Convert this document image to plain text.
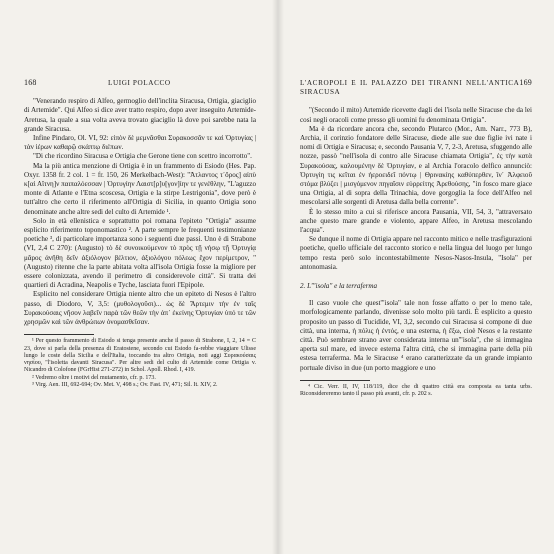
168	LUIGI POLACCO

"Venerando respiro di Alfeo, germoglio dell'inclita Siracusa, Ortigia, giaciglio di Artemide". Qui Alfeo si dice aver tratto respiro, dopo aver inseguito Artemide-Aretusa, la quale a sua volta aveva trovato giaciglio là dove poi sarebbe nata la grande Siracusa.

Infine Pindaro, Ol. VI, 92: εἰπὸν δὲ μεμνᾶσθαι Συρακοσσᾶν τε καὶ Ὀρτυγίας | τὰν ἱέρων καθαρῷ σκάπτῳ διέπων.

"Di che ricordino Siracusa e Ortigia che Gerone tiene con scettro incorrotto".

Ma la più antica menzione di Ortigia è in un frammento di Esiodo (Hes. Pap. Oxyr. 1358 fr. 2 col. 1 = fr. 150, 26 Merkelbach-West): "Ἀτλαντος τ᾽ὄρος] αἰπὺ κ[αὶ Αἴτνη]ν παιπαλόεσσαν | Ὀρτυγίην Λαιστ[ρ]υ[γον]ίην τε γενέθλην, "L'aguzzo monte di Atlante e l'Etna scoscesa, Ortigia e la stirpe Lestrigonia", dove però è tutt'altro che certo il riferimento all'Ortigia di Sicilia, in quanto Ortigia sono denominate anche altre sedi del culto di Artemide ¹.

Solo in età ellenistica e soprattutto poi romana l'epiteto "Ortigia" assume esplicito riferimento toponomastico ². A parte sempre le frequenti testimonianze poetiche ³, di particolare importanza sono i seguenti due passi. Uno è di Strabone (VI, 2,4 C 270): (Augusto) τὸ δὲ συνοικούμενον τὸ πρὸς τῇ νήσῳ τῇ Ὀρτυγίᾳ μᾶρος ἀνῆθη δεῖν ἀξιόλογον βέλτιον, ἀξιολόγου πόλεως ἔχον περίμετρον, "(Augusto) ritenne che la parte abitata volta all'isola Ortigia fosse la migliore per essere colonizzata, avendo il perimetro di considerevole città". Si tratta dei quartieri di Acradina, Neapolis e Tyche, lasciata fuori l'Epipole.

Esplicito nel considerare Ortigia niente altro che un epiteto di Nesos è l'altro passo, di Diodoro, V, 3,5: (μυθολογοῦσι)... ὡς δὲ Ἄρτεμιν τὴν ἐν ταῖς Συρακούσαις νῆσον λαβεῖν παρὰ τῶν θεῶν τὴν ἀπ᾽ ἐκείνης Ὀρτυγίαν ὑπό τε τῶν χρησμῶν καὶ τῶν ἀνθρώπων ὀνομασθεῖσαν.

¹ Per questo frammento di Esiodo si tenga presente anche il passo di Strabone, I, 2, 14 = C 23, dove si parla della presenza di Eratostene, secondo cui Esiodo fa-rebbe viaggiare Ulisse lungo le coste della Sicilia e dell'Italia, toccando tra altro Ortigia, noti aggi Συρακούσαις νησίου, "l'isoletta davanti Siracusa". Per altre sedi del culto di Artemide come Ortigia v. Nicandro di Colofone (FGrHist 271-272) in Schol. Apoll. Rhod. I, 419.

² Vedremo oltre i motivi del mutamento, cfr. p. 173.

³ Virg. Aen. III, 692-694; Ov. Met. V, 498 s.; Ov. Fast. IV, 471; Sil. It. XIV, 2.

L'ACROPOLI E IL PALAZZO DEI TIRANNI NELL'ANTICA SIRACUSA
169

"(Secondo il mito) Artemide ricevette dagli dei l'isola nelle Siracuse che da lei così negli oracoli come presso gli uomini fu denominata Ortigia".

Ma è da ricordare ancora che, secondo Plutarco (Mor., Am. Narr., 773 B), Archia, il corinzio fondatore delle Siracuse, diede alle sue due figlie ivi nate i nomi di Ortigia e Siracusa; e, secondo Pausania V, 7, 2-3, Aretusa, sfuggendo alle nozze, passò "nell'isola di contro alle Siracuse chiamata Ortigia", ἐς τὴν κατὰ Συρακούσας, καλουμένην δὲ Ὀρτυγίαν, e al Archia l'oracolo delfico annunciò: Ὀρτυγίη τις κεῖται ἐν ἠεροειδεῖ πόντῳ | Θρινακίης καθύπερθεν, ἵν᾽ Ἀλφειοῦ στόμα βλύζει | μισγόμενον πηγαῖσιν εὐρρείτης Ἀρεθούσης, "in fosco mare giace una Ortigia, al di sopra della Trinachia, dove gorgoglia la foce dell'Alfeo nel mescolarsi alle sorgenti di Aretusa dalla bella corrente".

È lo stesso mito a cui si riferisce ancora Pausania, VII, 54, 3, "attraversato anche questo mare grande e violento, appare Alfeo, in Aretusa mescolando l'acqua".

Se dunque il nome di Ortigia appare nel racconto mitico e nelle trasfigurazioni poetiche, quello ufficiale del racconto storico e nella lingua del luogo per lungo tempo resta però solo incontestabilmente Nesos-Nasos-Insula, "Isola" per antonomasia.

2. L'"isola" e la terraferma

Il caso vuole che quest'"isola" tale non fosse affatto o per lo meno tale, morfologicamente parlando, divenisse solo molto più tardi. È esplicito a questo proposito un passo di Tucidide, VI, 3,2, secondo cui Siracusa si compone di due città, una interna, ἡ πόλις ἡ ἐντός, e una esterna, ἡ ἔξω, cioè Nesos e la restante città. Può sembrare strano aver considerata interna un'"isola", che si immagina aperta sul mare, ed invece esterna l'altra città, che si immagina parte della più estesa terraferma. Ma le Siracuse ⁴ erano caratterizzate da un grande impianto portuale diviso in due (un porto maggiore e uno

⁴ Cic. Verr. II, IV, 118/119, dice che di quattro città era composta ea tanta urbs. Riconsidereremo tanto il passo più avanti, cfr. p. 202 s.
